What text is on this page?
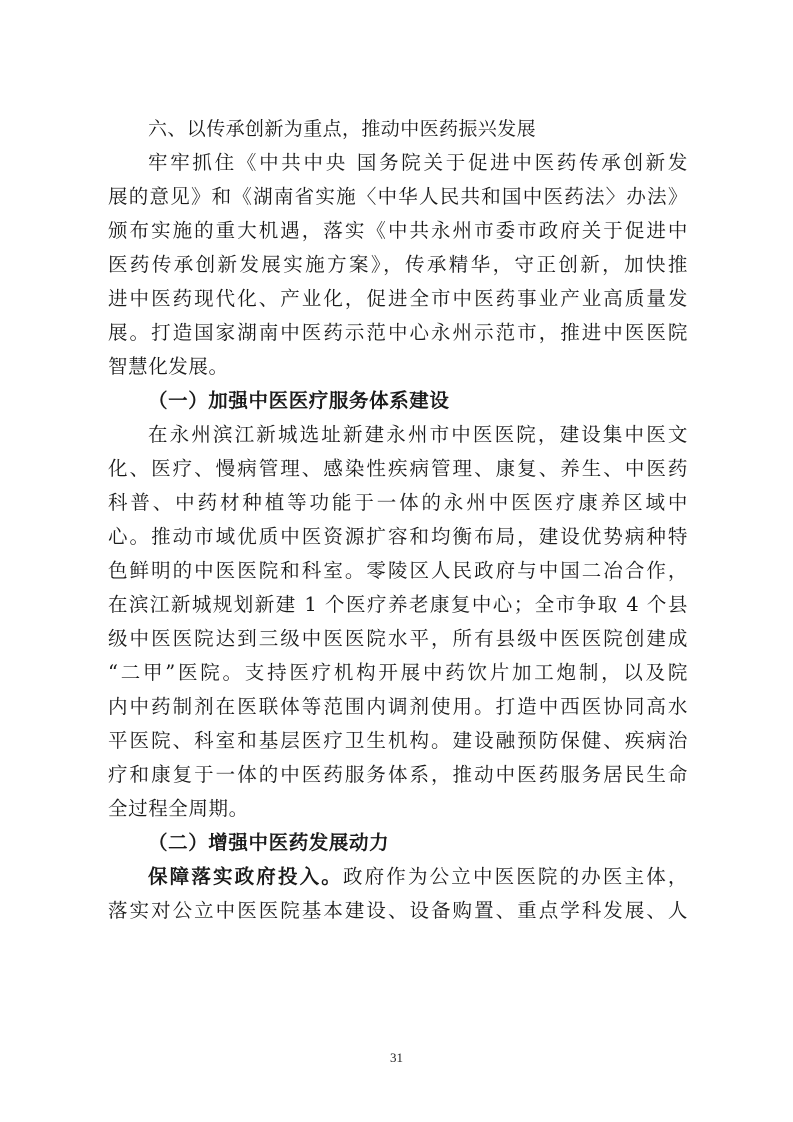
六、以传承创新为重点，推动中医药振兴发展
牢牢抓住《中共中央 国务院关于促进中医药传承创新发
展的意见》和《湖南省实施〈中华人民共和国中医药法〉办法》
颁布实施的重大机遇，落实《中共永州市委市政府关于促进中
医药传承创新发展实施方案》，传承精华，守正创新，加快推
进中医药现代化、产业化，促进全市中医药事业产业高质量发
展。打造国家湖南中医药示范中心永州示范市，推进中医医院
智慧化发展。
（一）加强中医医疗服务体系建设
在永州滨江新城选址新建永州市中医医院，建设集中医文
化、医疗、慢病管理、感染性疾病管理、康复、养生、中医药
科普、中药材种植等功能于一体的永州中医医疗康养区域中
心。推动市域优质中医资源扩容和均衡布局，建设优势病种特
色鲜明的中医医院和科室。零陵区人民政府与中国二冶合作，
在滨江新城规划新建 1 个医疗养老康复中心；全市争取 4 个县
级中医医院达到三级中医医院水平，所有县级中医医院创建成
“二甲”医院。支持医疗机构开展中药饮片加工炮制，以及院
内中药制剂在医联体等范围内调剂使用。打造中西医协同高水
平医院、科室和基层医疗卫生机构。建设融预防保健、疾病治
疗和康复于一体的中医药服务体系，推动中医药服务居民生命
全过程全周期。
（二）增强中医药发展动力
保障落实政府投入。政府作为公立中医医院的办医主体，
落实对公立中医医院基本建设、设备购置、重点学科发展、人
31
